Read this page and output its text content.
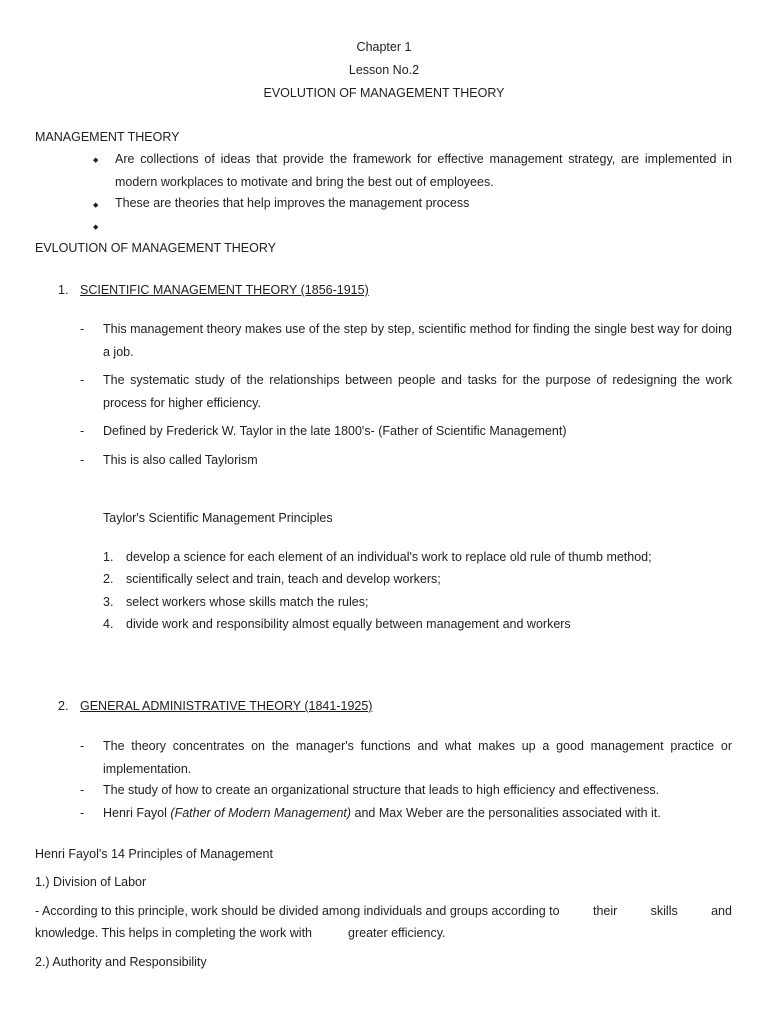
Chapter 1
Lesson No.2
EVOLUTION OF MANAGEMENT THEORY
MANAGEMENT THEORY
◆ Are collections of ideas that provide the framework for effective management strategy, are implemented in modern workplaces to motivate and bring the best out of employees.
◆ These are theories that help improves the management process
◆
EVLOUTION OF MANAGEMENT THEORY
1. SCIENTIFIC MANAGEMENT THEORY (1856-1915)
- This management theory makes use of the step by step, scientific method for finding the single best way for doing a job.
- The systematic study of the relationships between people and tasks for the purpose of redesigning the work process for higher efficiency.
- Defined by Frederick W. Taylor in the late 1800's- (Father of Scientific Management)
- This is also called Taylorism
Taylor's Scientific Management Principles
1. develop a science for each element of an individual's work to replace old rule of thumb method;
2. scientifically select and train, teach and develop workers;
3. select workers whose skills match the rules;
4. divide work and responsibility almost equally between management and workers
2. GENERAL ADMINISTRATIVE THEORY (1841-1925)
- The theory concentrates on the manager's functions and what makes up a good management practice or implementation.
- The study of how to create an organizational structure that leads to high efficiency and effectiveness.
- Henri Fayol (Father of Modern Management) and Max Weber are the personalities associated with it.
Henri Fayol's 14 Principles of Management
1.) Division of Labor
- According to this principle, work should be divided among individuals and groups according to	their	skills	and
knowledge. This helps in completing the work with	greater efficiency.
2.) Authority and Responsibility
